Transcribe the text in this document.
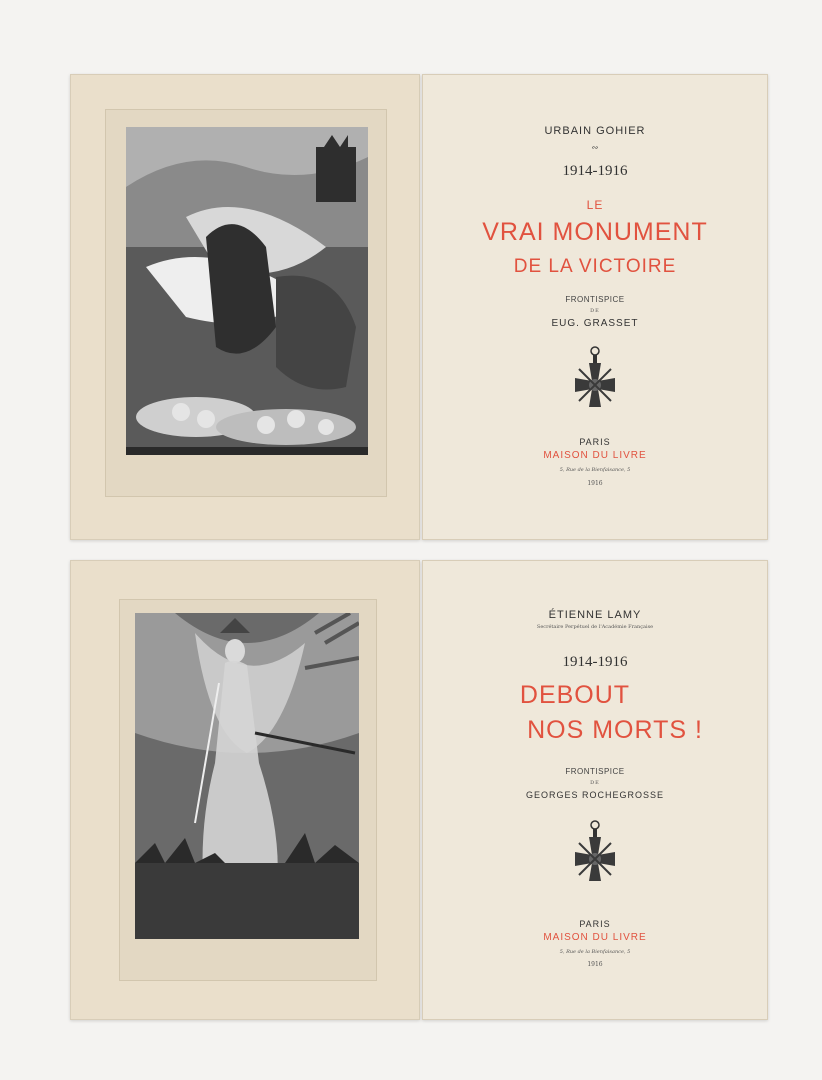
URBAIN GOHIER
∾
1914-1916
LE
VRAI MONUMENT
DE LA VICTOIRE
FRONTISPICE
DE
EUG. GRASSET
PARIS
MAISON DU LIVRE
5, Rue de la Bienfaisance, 5
1916
ÉTIENNE LAMY
Secrétaire Perpétuel de l'Académie Française
1914-1916
DEBOUT
NOS MORTS !
FRONTISPICE
DE
GEORGES ROCHEGROSSE
PARIS
MAISON DU LIVRE
5, Rue de la Bienfaisance, 5
1916
